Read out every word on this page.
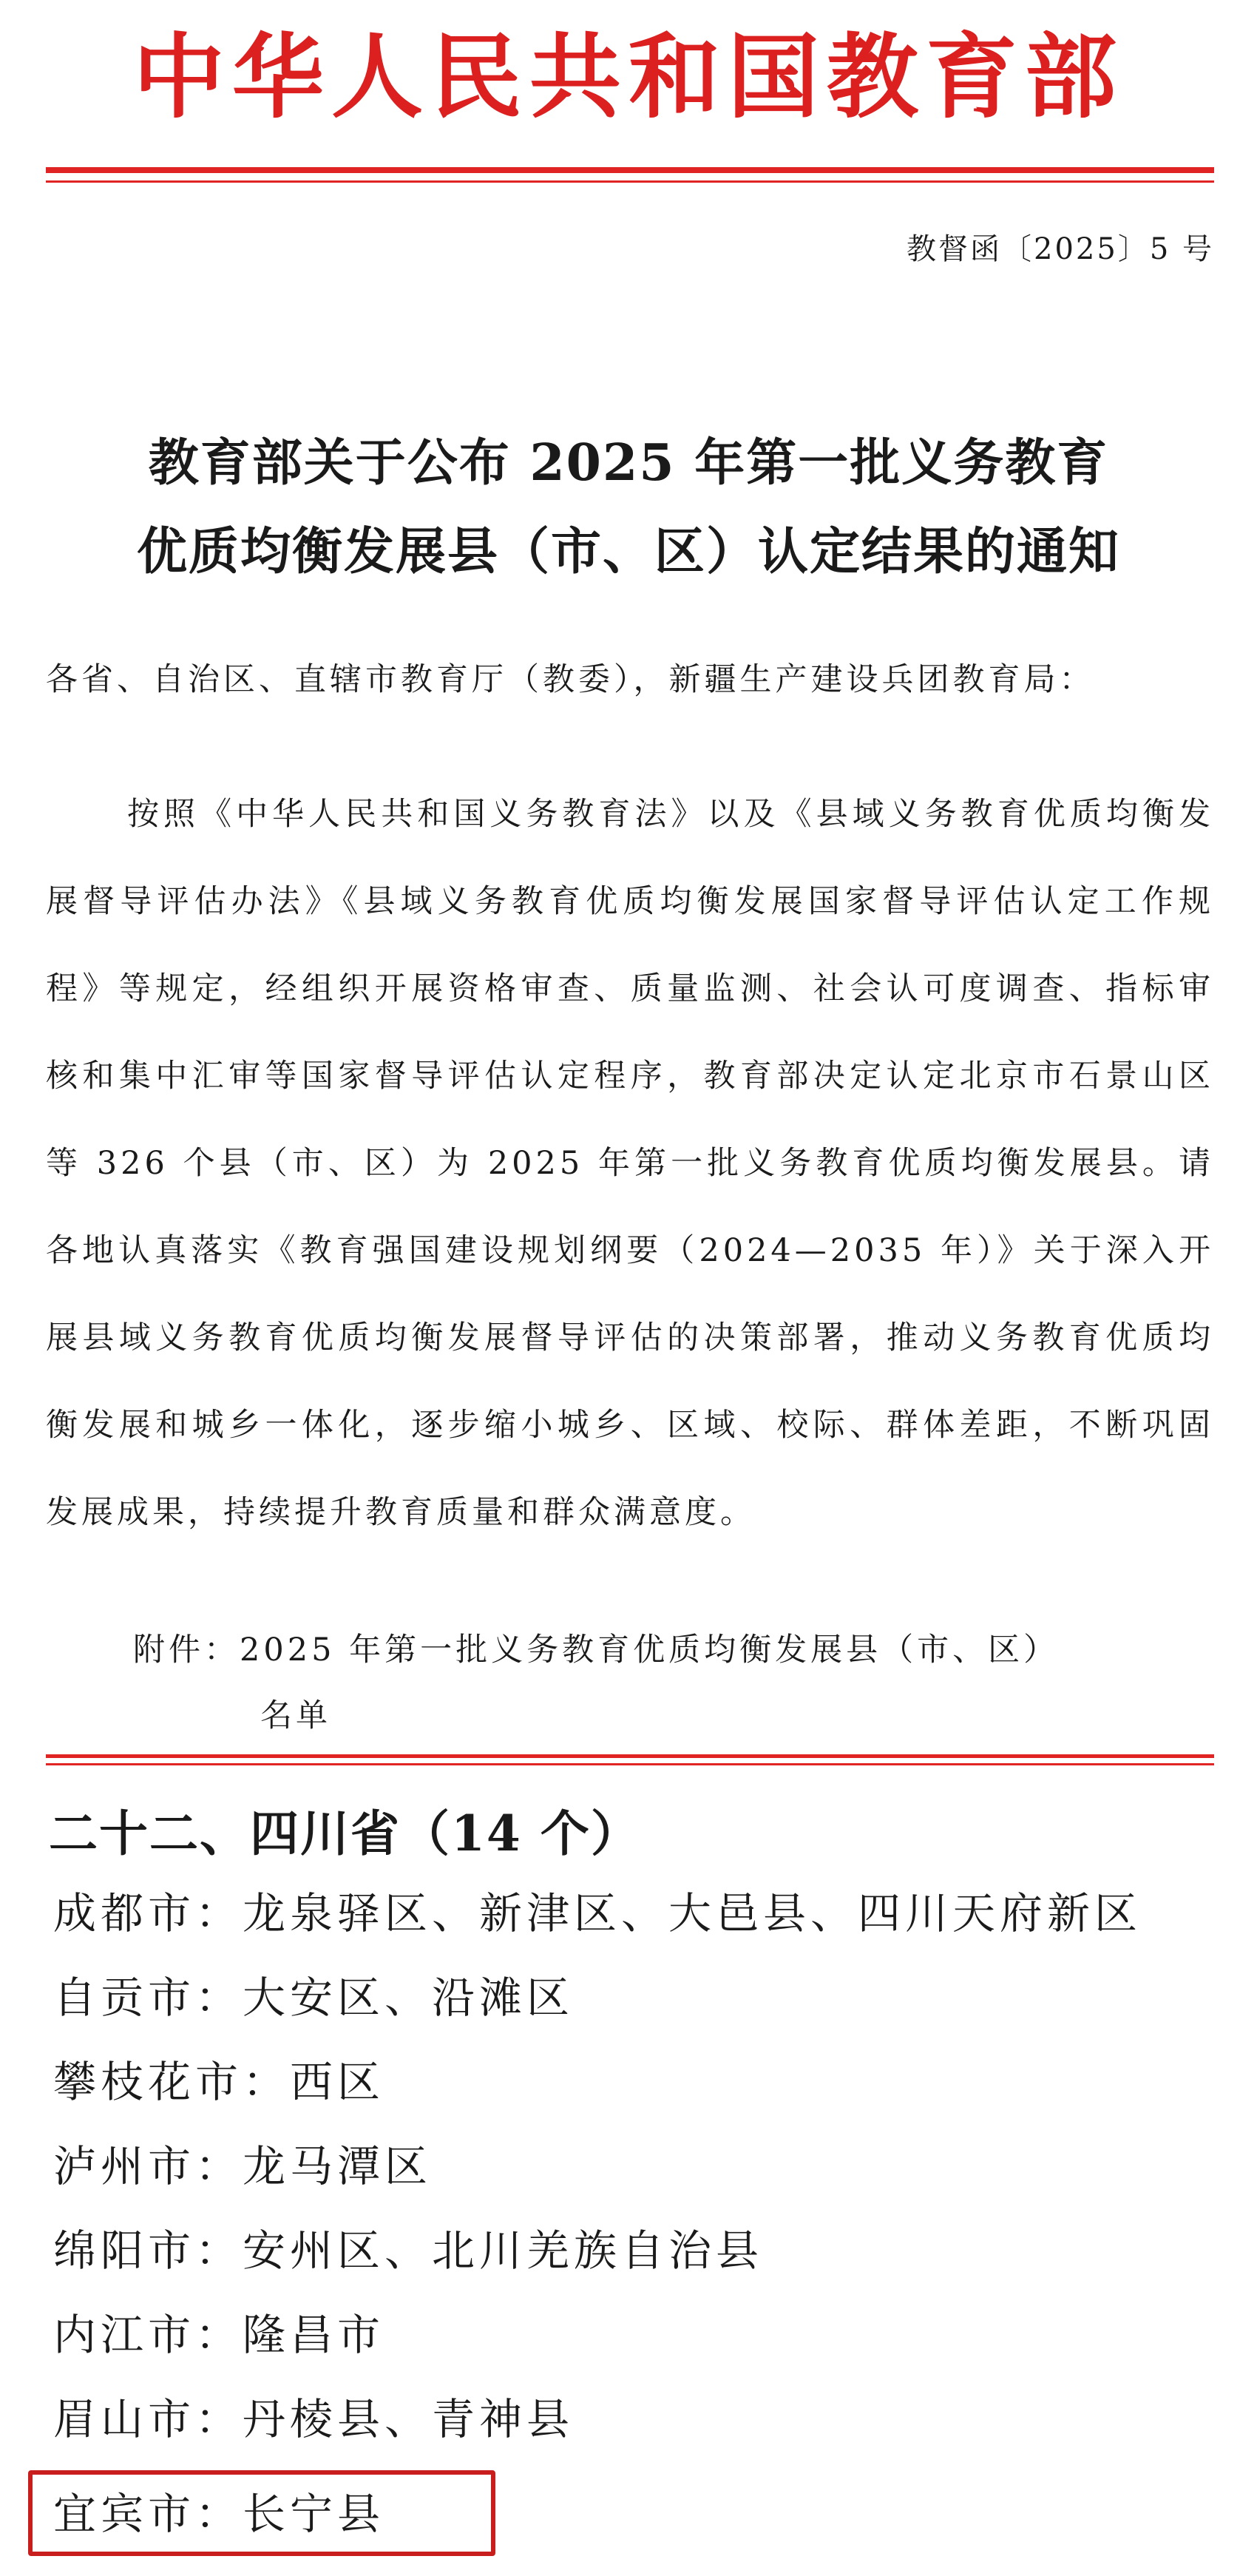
中华人民共和国教育部
教督函〔2025〕5 号
教育部关于公布 2025 年第一批义务教育
优质均衡发展县（市、区）认定结果的通知
各省、自治区、直辖市教育厅（教委），新疆生产建设兵团教育局：
按照《中华人民共和国义务教育法》以及《县域义务教育优质均衡发展督导评估办法》《县域义务教育优质均衡发展国家督导评估认定工作规程》等规定，经组织开展资格审查、质量监测、社会认可度调查、指标审核和集中汇审等国家督导评估认定程序，教育部决定认定北京市石景山区等 326 个县（市、区）为 2025 年第一批义务教育优质均衡发展县。请各地认真落实《教育强国建设规划纲要（2024—2035 年）》关于深入开展县域义务教育优质均衡发展督导评估的决策部署，推动义务教育优质均衡发展和城乡一体化，逐步缩小城乡、区域、校际、群体差距，不断巩固发展成果，持续提升教育质量和群众满意度。
附件：2025 年第一批义务教育优质均衡发展县（市、区）
名单
二十二、四川省（14 个）
成都市：龙泉驿区、新津区、大邑县、四川天府新区
自贡市：大安区、沿滩区
攀枝花市：西区
泸州市：龙马潭区
绵阳市：安州区、北川羌族自治县
内江市：隆昌市
眉山市：丹棱县、青神县
宜宾市：长宁县
